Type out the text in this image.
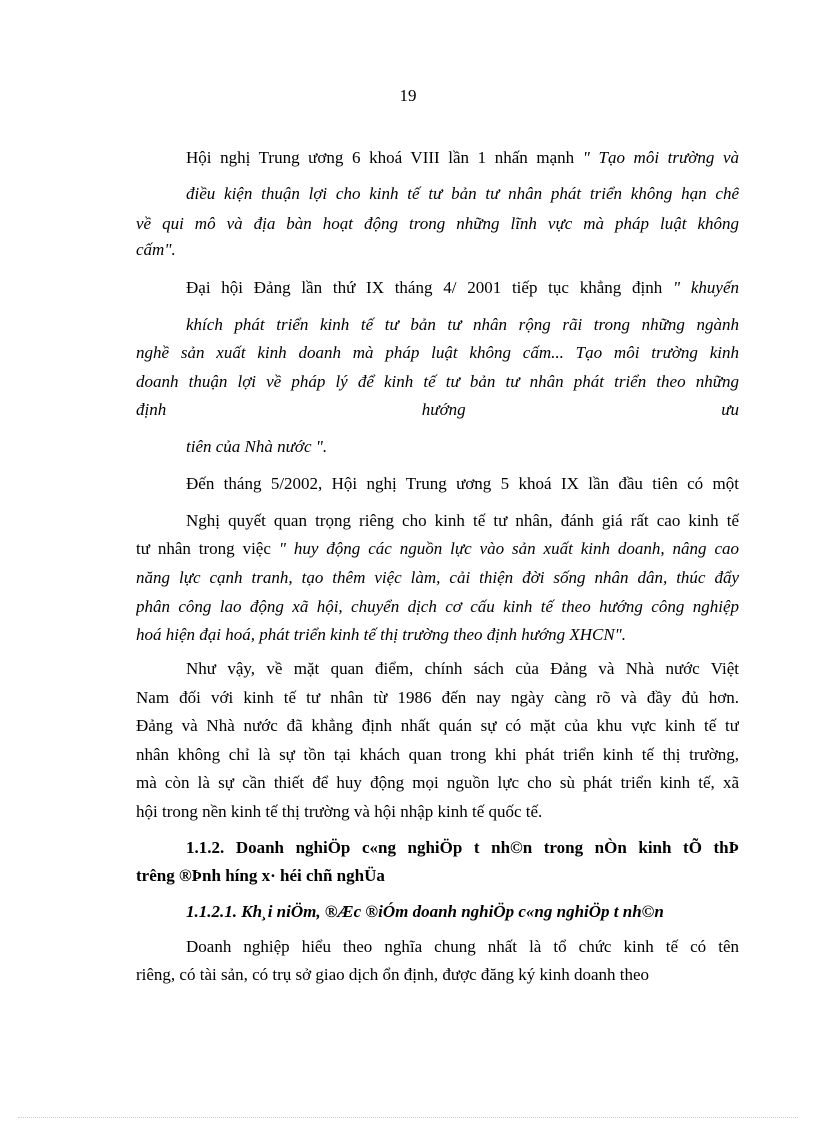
19
Hội nghị Trung ương 6 khoá VIII lần 1 nhấn mạnh " Tạo môi trường và
điều kiện thuận lợi cho kinh tế tư bản tư nhân phát triển không hạn chế
về qui mô và địa bàn hoạt động trong những lĩnh vực mà pháp luật không
cấm".
Đại hội Đảng lần thứ IX tháng 4/ 2001 tiếp tục khẳng định " khuyến
khích phát triển kinh tế tư bản tư nhân rộng rãi trong những ngành
nghề sản xuất kinh doanh mà pháp luật không cấm... Tạo môi trường kinh
doanh thuận lợi về pháp lý để kinh tế tư bản tư nhân phát triển theo những
định	hướng	ưu
tiên của Nhà nước ".
Đến tháng 5/2002, Hội nghị Trung ương 5 khoá IX lần đầu tiên có một
Nghị quyết quan trọng riêng cho kinh tế tư nhân, đánh giá rất cao kinh tế
tư nhân trong việc " huy động các nguồn lực vào sản xuất kinh doanh, nâng cao
năng lực cạnh tranh, tạo thêm việc làm, cải thiện đời sống nhân dân, thúc đẩy
phân công lao động xã hội, chuyển dịch cơ cấu kinh tế theo hướng công nghiệp
hoá hiện đại hoá, phát triển kinh tế thị trường theo định hướng XHCN".
Như vậy, về mặt quan điểm, chính sách của Đảng và Nhà nước Việt
Nam đối với kinh tế tư nhân từ 1986 đến nay ngày càng rõ và đầy đủ hơn.
Đảng và Nhà nước đã khẳng định nhất quán sự có mặt của khu vực kinh tế tư
nhân không chỉ là sự tồn tại khách quan trong khi phát triển kinh tế thị trường,
mà còn là sự cần thiết để huy động mọi nguồn lực cho sù phát triển kinh tế, xã
hội trong nền kinh tế thị trường và hội nhập kinh tế quốc tế.
1.1.2. Doanh nghiÖp c«ng nghiÖp t nh©n trong nÒn kinh tÕ thÞ
trêng ®Þnh híng x· héi chñ nghÜa
1.1.2.1. Kh¸i niÖm, ®Æc ®iÓm doanh nghiÖp c«ng nghiÖp t nh©n
Doanh nghiệp hiểu theo nghĩa chung nhất là tổ chức kinh tế có tên
riêng, có tài sản, có trụ sở giao dịch ổn định, được đăng ký kinh doanh theo
